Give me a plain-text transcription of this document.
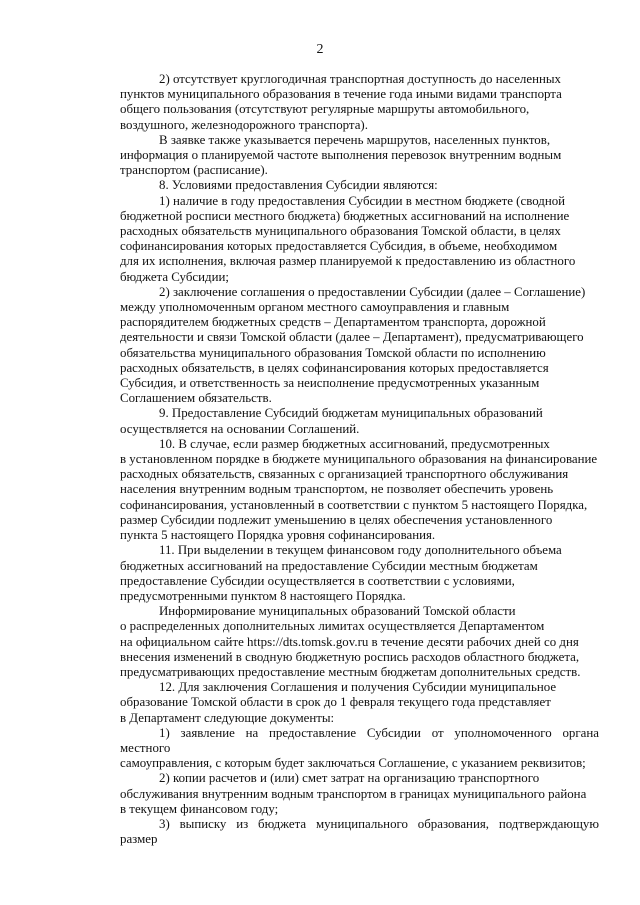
2

2) отсутствует круглогодичная транспортная доступность до населенных
пунктов муниципального образования в течение года иными видами транспорта
общего пользования (отсутствуют регулярные маршруты автомобильного,
воздушного, железнодорожного транспорта).

В заявке также указывается перечень маршрутов, населенных пунктов,
информация о планируемой частоте выполнения перевозок внутренним водным
транспортом (расписание).

8. Условиями предоставления Субсидии являются:

1) наличие в году предоставления Субсидии в местном бюджете (сводной
бюджетной росписи местного бюджета) бюджетных ассигнований на исполнение
расходных обязательств муниципального образования Томской области, в целях
софинансирования которых предоставляется Субсидия, в объеме, необходимом
для их исполнения, включая размер планируемой к предоставлению из областного
бюджета Субсидии;

2) заключение соглашения о предоставлении Субсидии (далее – Соглашение)
между уполномоченным органом местного самоуправления и главным
распорядителем бюджетных средств – Департаментом транспорта, дорожной
деятельности и связи Томской области (далее – Департамент), предусматривающего
обязательства муниципального образования Томской области по исполнению
расходных обязательств, в целях софинансирования которых предоставляется
Субсидия, и ответственность за неисполнение предусмотренных указанным
Соглашением обязательств.

9. Предоставление Субсидий бюджетам муниципальных образований
осуществляется на основании Соглашений.

10. В случае, если размер бюджетных ассигнований, предусмотренных
в установленном порядке в бюджете муниципального образования на финансирование
расходных обязательств, связанных с организацией транспортного обслуживания
населения внутренним водным транспортом, не позволяет обеспечить уровень
софинансирования, установленный в соответствии с пунктом 5 настоящего Порядка,
размер Субсидии подлежит уменьшению в целях обеспечения установленного
пункта 5 настоящего Порядка уровня софинансирования.

11. При выделении в текущем финансовом году дополнительного объема
бюджетных ассигнований на предоставление Субсидии местным бюджетам
предоставление Субсидии осуществляется в соответствии с условиями,
предусмотренными пунктом 8 настоящего Порядка.

Информирование муниципальных образований Томской области
о распределенных дополнительных лимитах осуществляется Департаментом
на официальном сайте https://dts.tomsk.gov.ru в течение десяти рабочих дней со дня
внесения изменений в сводную бюджетную роспись расходов областного бюджета,
предусматривающих предоставление местным бюджетам дополнительных средств.

12. Для заключения Соглашения и получения Субсидии муниципальное
образование Томской области в срок до 1 февраля текущего года представляет
в Департамент следующие документы:

1) заявление на предоставление Субсидии от уполномоченного органа местного
самоуправления, с которым будет заключаться Соглашение, с указанием реквизитов;

2) копии расчетов и (или) смет затрат на организацию транспортного
обслуживания внутренним водным транспортом в границах муниципального района
в текущем финансовом году;

3) выписку из бюджета муниципального образования, подтверждающую размер
